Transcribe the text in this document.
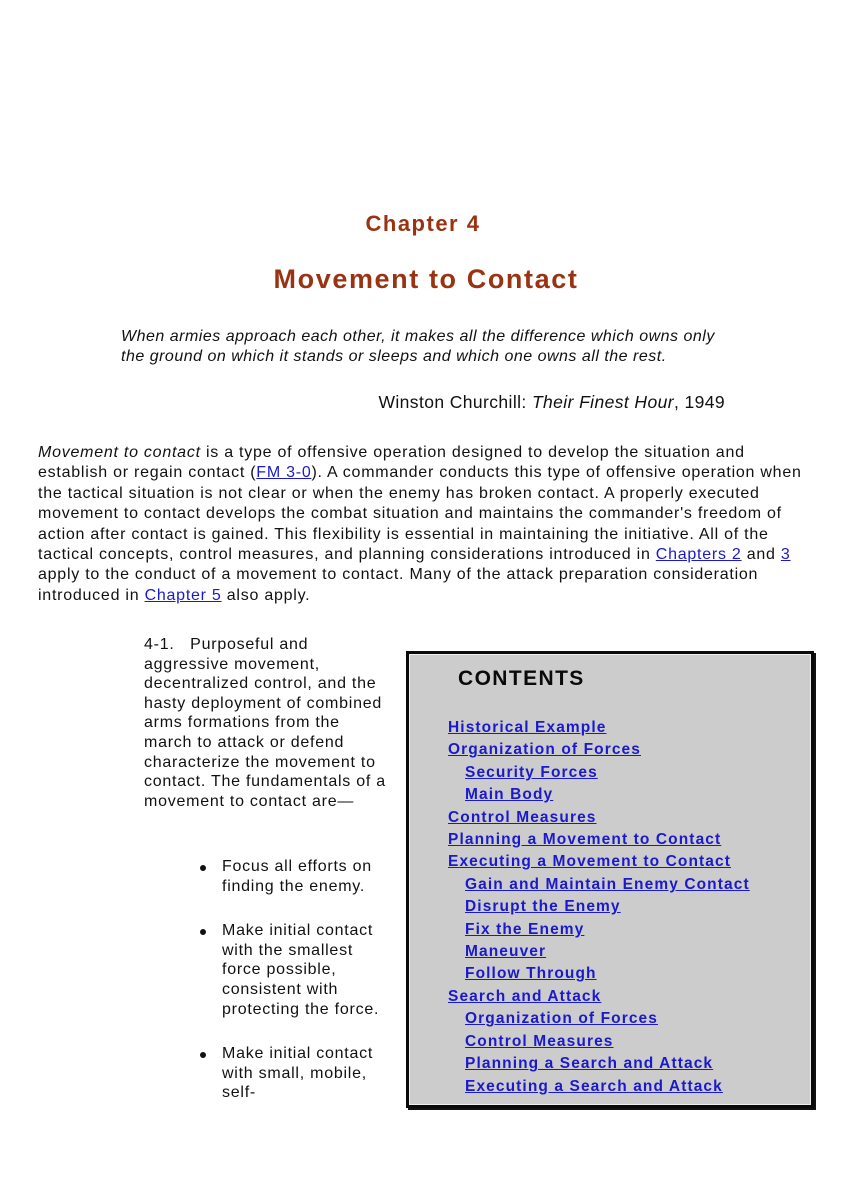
Chapter 4
Movement to Contact

When armies approach each other, it makes all the difference which owns only the ground on which it stands or sleeps and which one owns all the rest.

Winston Churchill: Their Finest Hour, 1949

Movement to contact is a type of offensive operation designed to develop the situation and establish or regain contact (FM 3-0). A commander conducts this type of offensive operation when the tactical situation is not clear or when the enemy has broken contact. A properly executed movement to contact develops the combat situation and maintains the commander's freedom of action after contact is gained. This flexibility is essential in maintaining the initiative. All of the tactical concepts, control measures, and planning considerations introduced in Chapters 2 and 3 apply to the conduct of a movement to contact. Many of the attack preparation consideration introduced in Chapter 5 also apply.

4-1. Purposeful and aggressive movement, decentralized control, and the hasty deployment of combined arms formations from the march to attack or defend characterize the movement to contact. The fundamentals of a movement to contact are—

Focus all efforts on finding the enemy.
Make initial contact with the smallest force possible, consistent with protecting the force.
Make initial contact with small, mobile, self-
CONTENTS
Historical Example
Organization of Forces
Security Forces
Main Body
Control Measures
Planning a Movement to Contact
Executing a Movement to Contact
Gain and Maintain Enemy Contact
Disrupt the Enemy
Fix the Enemy
Maneuver
Follow Through
Search and Attack
Organization of Forces
Control Measures
Planning a Search and Attack
Executing a Search and Attack
